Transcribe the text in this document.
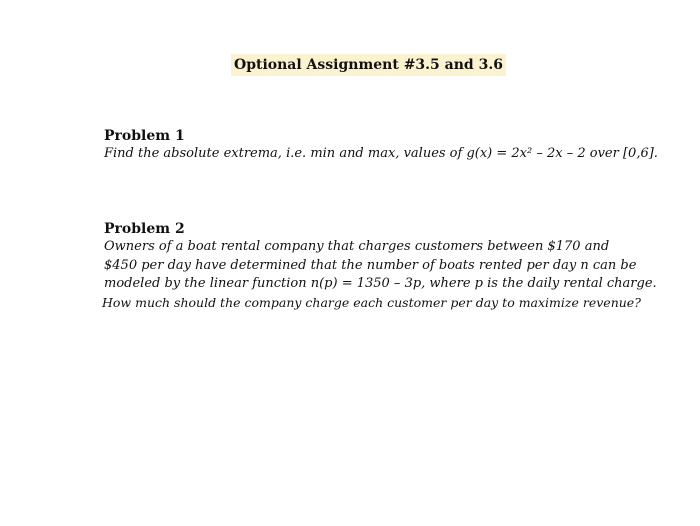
Optional Assignment #3.5 and 3.6

Problem 1

Find the absolute extrema, i.e. min and max, values of g(x) = 2x² – 2x – 2 over [0,6].

Problem 2

Owners of a boat rental company that charges customers between $170 and

$450 per day have determined that the number of boats rented per day n can be

modeled by the linear function n(p) = 1350 – 3p, where p is the daily rental charge.

How much should the company charge each customer per day to maximize revenue?
